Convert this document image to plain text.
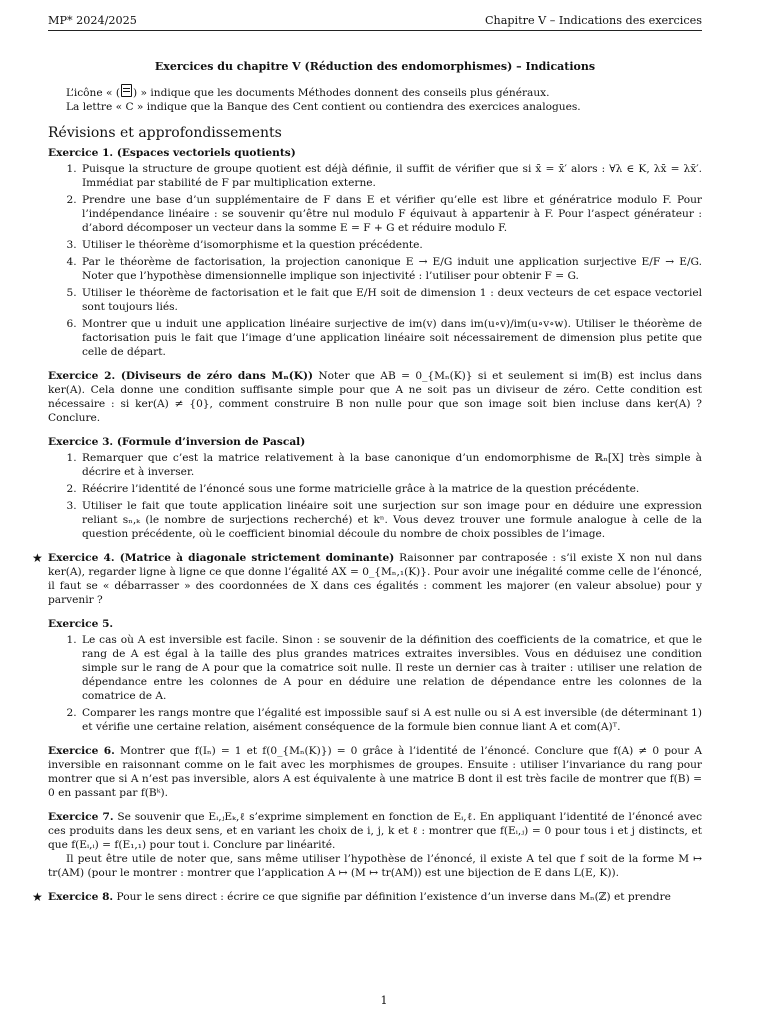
MP* 2024/2025	Chapitre V – Indications des exercices
Exercices du chapitre V (Réduction des endomorphismes) – Indications

L’icône « ( ) » indique que les documents Méthodes donnent des conseils plus généraux.

La lettre « C » indique que la Banque des Cent contient ou contiendra des exercices analogues.

Révisions et approfondissements
Exercice 1. (Espaces vectoriels quotients)
1. Puisque la structure de groupe quotient est déjà définie, il suffit de vérifier que si x̄ = x̄′ alors : ∀λ ∈ K, λx̄ = λx̄′. Immédiat par stabilité de F par multiplication externe.
2. Prendre une base d’un supplémentaire de F dans E et vérifier qu’elle est libre et génératrice modulo F. Pour l’indépendance linéaire : se souvenir qu’être nul modulo F équivaut à appartenir à F. Pour l’aspect générateur : d’abord décomposer un vecteur dans la somme E = F + G et réduire modulo F.
3. Utiliser le théorème d’isomorphisme et la question précédente.
4. Par le théorème de factorisation, la projection canonique E → E/G induit une application surjective E/F → E/G. Noter que l’hypothèse dimensionnelle implique son injectivité : l’utiliser pour obtenir F = G.
5. Utiliser le théorème de factorisation et le fait que E/H soit de dimension 1 : deux vecteurs de cet espace vectoriel sont toujours liés.
6. Montrer que u induit une application linéaire surjective de im(v) dans im(u∘v)/im(u∘v∘w). Utiliser le théorème de factorisation puis le fait que l’image d’une application linéaire soit nécessairement de dimension plus petite que celle de départ.

Exercice 2. (Diviseurs de zéro dans Mₙ(K)) Noter que AB = 0_{Mₙ(K)} si et seulement si im(B) est inclus dans ker(A). Cela donne une condition suffisante simple pour que A ne soit pas un diviseur de zéro. Cette condition est nécessaire : si ker(A) ≠ {0}, comment construire B non nulle pour que son image soit bien incluse dans ker(A) ? Conclure.

Exercice 3. (Formule d’inversion de Pascal)
1. Remarquer que c’est la matrice relativement à la base canonique d’un endomorphisme de ℝₙ[X] très simple à décrire et à inverser.
2. Réécrire l’identité de l’énoncé sous une forme matricielle grâce à la matrice de la question précédente.
3. Utiliser le fait que toute application linéaire soit une surjection sur son image pour en déduire une expression reliant sₙ,ₖ (le nombre de surjections recherché) et kⁿ. Vous devez trouver une formule analogue à celle de la question précédente, où le coefficient binomial découle du nombre de choix possibles de l’image.
★ Exercice 4. (Matrice à diagonale strictement dominante) Raisonner par contraposée : s’il existe X non nul dans ker(A), regarder ligne à ligne ce que donne l’égalité AX = 0_{Mₙ,₁(K)}. Pour avoir une inégalité comme celle de l’énoncé, il faut se « débarrasser » des coordonnées de X dans ces égalités : comment les majorer (en valeur absolue) pour y parvenir ?

Exercice 5.
1. Le cas où A est inversible est facile. Sinon : se souvenir de la définition des coefficients de la comatrice, et que le rang de A est égal à la taille des plus grandes matrices extraites inversibles. Vous en déduisez une condition simple sur le rang de A pour que la comatrice soit nulle. Il reste un dernier cas à traiter : utiliser une relation de dépendance entre les colonnes de A pour en déduire une relation de dépendance entre les colonnes de la comatrice de A.
2. Comparer les rangs montre que l’égalité est impossible sauf si A est nulle ou si A est inversible (de déterminant 1) et vérifie une certaine relation, aisément conséquence de la formule bien connue liant A et com(A)ᵀ.

Exercice 6. Montrer que f(Iₙ) = 1 et f(0_{Mₙ(K)}) = 0 grâce à l’identité de l’énoncé. Conclure que f(A) ≠ 0 pour A inversible en raisonnant comme on le fait avec les morphismes de groupes. Ensuite : utiliser l’invariance du rang pour montrer que si A n’est pas inversible, alors A est équivalente à une matrice B dont il est très facile de montrer que f(B) = 0 en passant par f(Bᵏ).

Exercice 7. Se souvenir que Eᵢ,ⱼEₖ,ℓ s’exprime simplement en fonction de Eᵢ,ℓ. En appliquant l’identité de l’énoncé avec ces produits dans les deux sens, et en variant les choix de i, j, k et ℓ : montrer que f(Eᵢ,ⱼ) = 0 pour tous i et j distincts, et que f(Eᵢ,ᵢ) = f(E₁,₁) pour tout i. Conclure par linéarité.

Il peut être utile de noter que, sans même utiliser l’hypothèse de l’énoncé, il existe A tel que f soit de la forme M ↦ tr(AM) (pour le montrer : montrer que l’application A ↦ (M ↦ tr(AM)) est une bijection de E dans L(E, K)).

★ Exercice 8. Pour le sens direct : écrire ce que signifie par définition l’existence d’un inverse dans Mₙ(ℤ) et prendre

1
